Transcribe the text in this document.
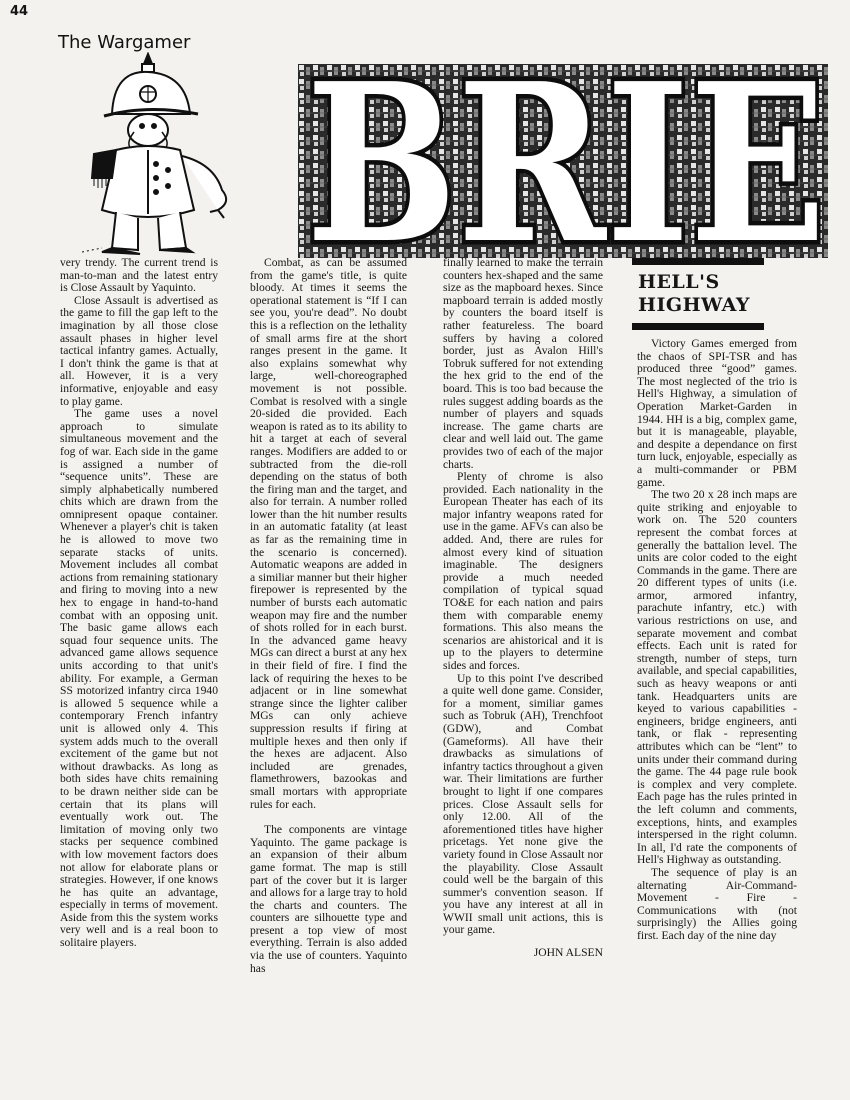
44
The Wargamer BRIE

very trendy. The current trend is man-to-man and the latest entry is Close Assault by Yaquinto.

Close Assault is advertised as the game to fill the gap left to the imagination by all those close assault phases in higher level tactical infantry games. Actually, I don't think the game is that at all. However, it is a very informative, enjoyable and easy to play game.

The game uses a novel approach to simulate simultaneous movement and the fog of war. Each side in the game is assigned a number of “sequence units”. These are simply alphabetically numbered chits which are drawn from the omnipresent opaque container. Whenever a player's chit is taken he is allowed to move two separate stacks of units. Movement includes all combat actions from remaining stationary and firing to moving into a new hex to engage in hand-to-hand combat with an opposing unit. The basic game allows each squad four sequence units. The advanced game allows sequence units according to that unit's ability. For example, a German SS motorized infantry circa 1940 is allowed 5 sequence while a contemporary French infantry unit is allowed only 4. This system adds much to the overall excitement of the game but not without drawbacks. As long as both sides have chits remaining to be drawn neither side can be certain that its plans will eventually work out. The limitation of moving only two stacks per sequence combined with low movement factors does not allow for elaborate plans or strategies. However, if one knows he has quite an advantage, especially in terms of movement. Aside from this the system works very well and is a real boon to solitaire players.

Combat, as can be assumed from the game's title, is quite bloody. At times it seems the operational statement is “If I can see you, you're dead”. No doubt this is a reflection on the lethality of small arms fire at the short ranges present in the game. It also explains somewhat why large, well-choreographed movement is not possible. Combat is resolved with a single 20-sided die provided. Each weapon is rated as to its ability to hit a target at each of several ranges. Modifiers are added to or subtracted from the die-roll depending on the status of both the firing man and the target, and also for terrain. A number rolled lower than the hit number results in an automatic fatality (at least as far as the remaining time in the scenario is concerned). Automatic weapons are added in a similiar manner but their higher firepower is represented by the number of bursts each automatic weapon may fire and the number of shots rolled for in each burst. In the advanced game heavy MGs can direct a burst at any hex in their field of fire. I find the lack of requiring the hexes to be adjacent or in line somewhat strange since the lighter caliber MGs can only achieve suppression results if firing at multiple hexes and then only if the hexes are adjacent. Also included are grenades, flamethrowers, bazookas and small mortars with appropriate rules for each.

The components are vintage Yaquinto. The game package is an expansion of their album game format. The map is still part of the cover but it is larger and allows for a large tray to hold the charts and counters. The counters are silhouette type and present a top view of most everything. Terrain is also added via the use of counters. Yaquinto has

finally learned to make the terrain counters hex-shaped and the same size as the mapboard hexes. Since mapboard terrain is added mostly by counters the board itself is rather featureless. The board suffers by having a colored border, just as Avalon Hill's Tobruk suffered for not extending the hex grid to the end of the board. This is too bad because the rules suggest adding boards as the number of players and squads increase. The game charts are clear and well laid out. The game provides two of each of the major charts.

Plenty of chrome is also provided. Each nationality in the European Theater has each of its major infantry weapons rated for use in the game. AFVs can also be added. And, there are rules for almost every kind of situation imaginable. The designers provide a much needed compilation of typical squad TO&E for each nation and pairs them with comparable enemy formations. This also means the scenarios are ahistorical and it is up to the players to determine sides and forces.

Up to this point I've described a quite well done game. Consider, for a moment, similiar games such as Tobruk (AH), Trenchfoot (GDW), and Combat (Gameforms). All have their drawbacks as simulations of infantry tactics throughout a given war. Their limitations are further brought to light if one compares prices. Close Assault sells for only 12.00. All of the aforementioned titles have higher pricetags. Yet none give the variety found in Close Assault nor the playability. Close Assault could well be the bargain of this summer's convention season. If you have any interest at all in WWII small unit actions, this is your game.

JOHN ALSEN
HELL'S
HIGHWAY

Victory Games emerged from the chaos of SPI-TSR and has produced three “good” games. The most neglected of the trio is Hell's Highway, a simulation of Operation Market-Garden in 1944. HH is a big, complex game, but it is manageable, playable, and despite a dependance on first turn luck, enjoyable, especially as a multi-commander or PBM game.

The two 20 x 28 inch maps are quite striking and enjoyable to work on. The 520 counters represent the combat forces at generally the battalion level. The units are color coded to the eight Commands in the game. There are 20 different types of units (i.e. armor, armored infantry, parachute infantry, etc.) with various restrictions on use, and separate movement and combat effects. Each unit is rated for strength, number of steps, turn available, and special capabilities, such as heavy weapons or anti tank. Headquarters units are keyed to various capabilities - engineers, bridge engineers, anti tank, or flak - representing attributes which can be “lent” to units under their command during the game. The 44 page rule book is complex and very complete. Each page has the rules printed in the left column and comments, exceptions, hints, and examples interspersed in the right column. In all, I'd rate the components of Hell's Highway as outstanding.

The sequence of play is an alternating Air-Command-Movement - Fire - Communications with (not surprisingly) the Allies going first. Each day of the nine day
